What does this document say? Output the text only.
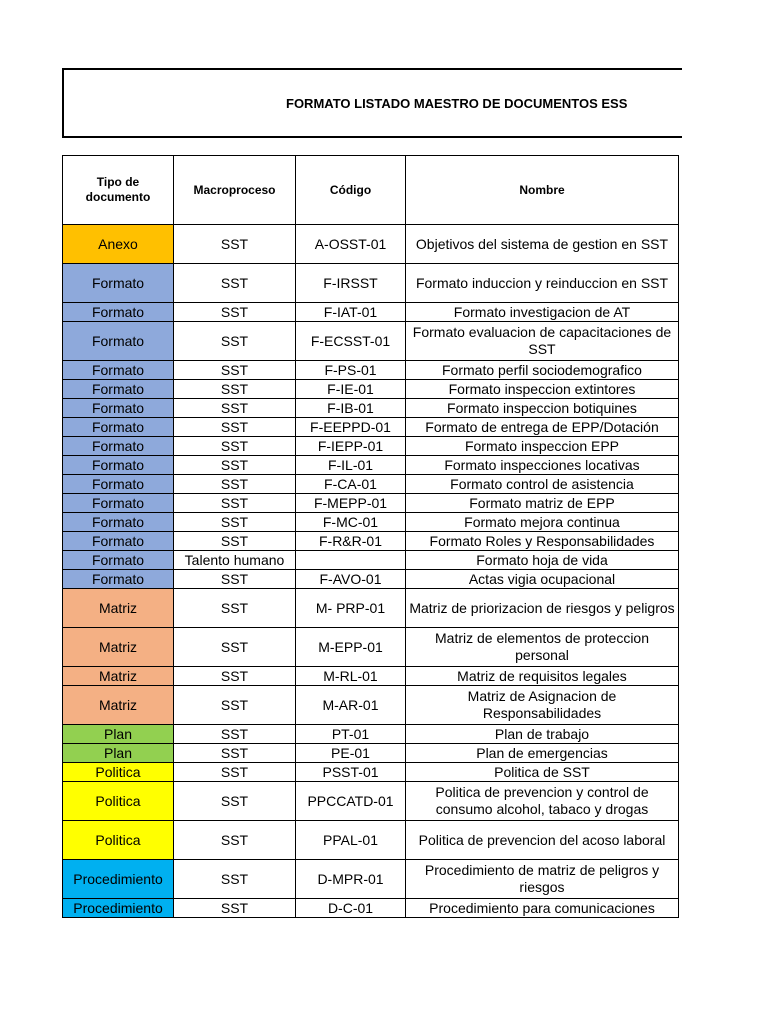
FORMATO LISTADO MAESTRO DE DOCUMENTOS ESS
Tipo de documento	Macroproceso	Código	Nombre
Anexo	SST	A-OSST-01	Objetivos del sistema de gestion en SST
Formato	SST	F-IRSST	Formato induccion y reinduccion en SST
Formato	SST	F-IAT-01	Formato investigacion de AT
Formato	SST	F-ECSST-01	Formato evaluacion de capacitaciones de SST
Formato	SST	F-PS-01	Formato perfil sociodemografico
Formato	SST	F-IE-01	Formato inspeccion extintores
Formato	SST	F-IB-01	Formato inspeccion botiquines
Formato	SST	F-EEPPD-01	Formato de entrega de EPP/Dotación
Formato	SST	F-IEPP-01	Formato inspeccion EPP
Formato	SST	F-IL-01	Formato inspecciones locativas
Formato	SST	F-CA-01	Formato control de asistencia
Formato	SST	F-MEPP-01	Formato matriz de EPP
Formato	SST	F-MC-01	Formato mejora continua
Formato	SST	F-R&R-01	Formato Roles y Responsabilidades
Formato	Talento humano		Formato hoja de vida
Formato	SST	F-AVO-01	Actas vigia ocupacional
Matriz	SST	M- PRP-01	Matriz de priorizacion de riesgos y peligros
Matriz	SST	M-EPP-01	Matriz de elementos de proteccion personal
Matriz	SST	M-RL-01	Matriz de requisitos legales
Matriz	SST	M-AR-01	Matriz de Asignacion de Responsabilidades
Plan	SST	PT-01	Plan de trabajo
Plan	SST	PE-01	Plan de emergencias
Politica	SST	PSST-01	Politica de SST
Politica	SST	PPCCATD-01	Politica de prevencion y control de consumo alcohol, tabaco y drogas
Politica	SST	PPAL-01	Politica de prevencion del acoso laboral
Procedimiento	SST	D-MPR-01	Procedimiento de matriz de peligros y riesgos
Procedimiento	SST	D-C-01	Procedimiento para comunicaciones
